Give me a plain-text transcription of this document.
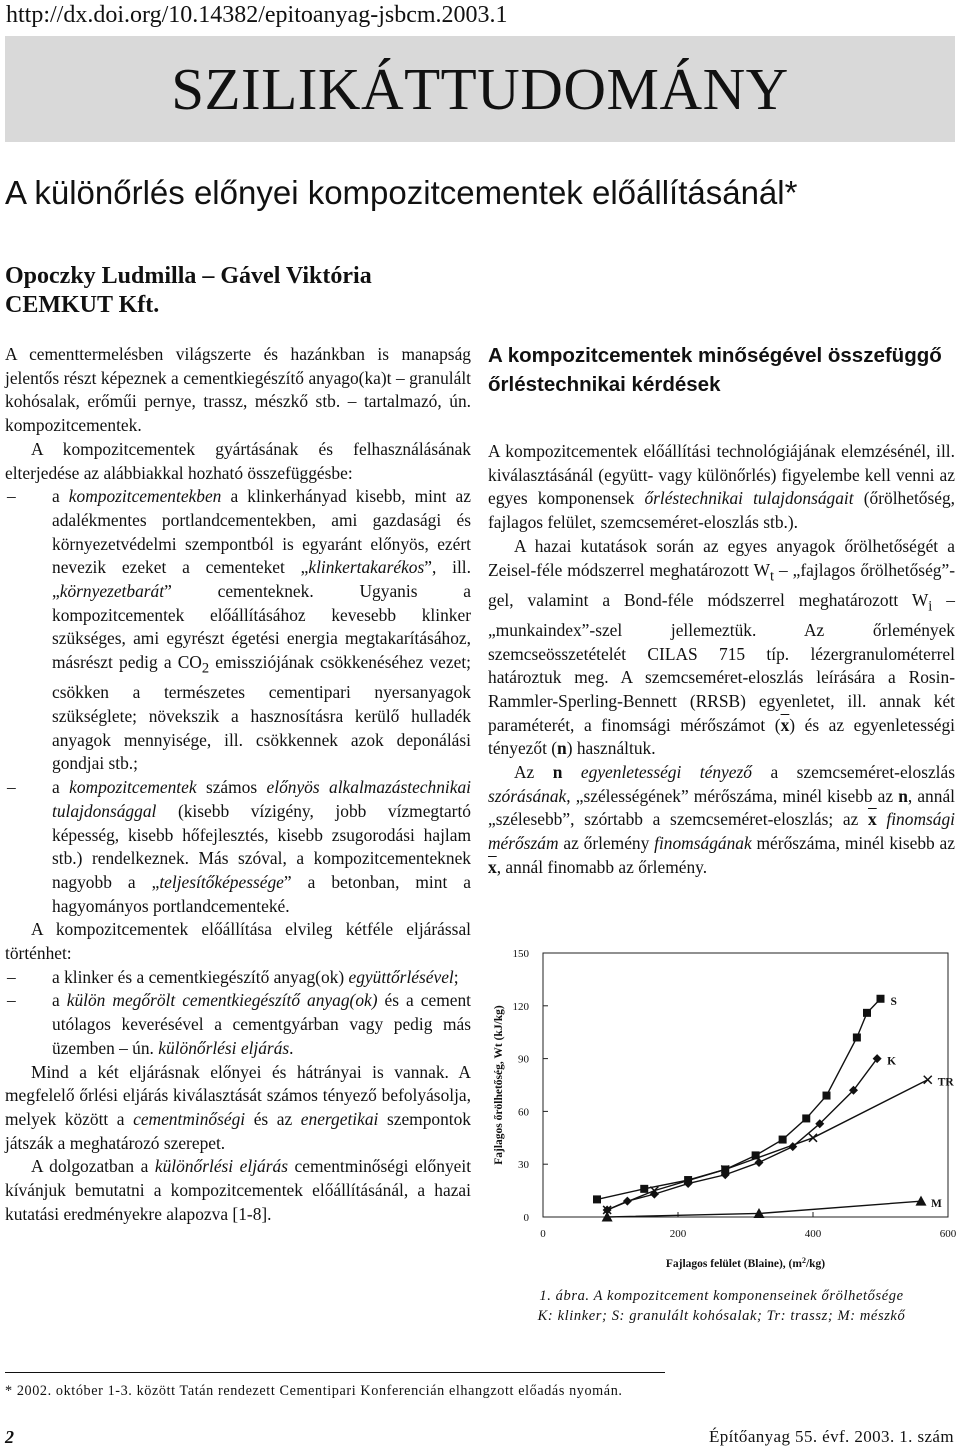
http://dx.doi.org/10.14382/epitoanyag-jsbcm.2003.1
SZILIKÁTTUDOMÁNY
A különőrlés előnyei kompozitcementek előállításánál*
Opoczky Ludmilla – Gável Viktória
CEMKUT Kft.

A cementtermelésben világszerte és hazánkban is manapság jelentős részt képeznek a cementkiegészítő anyago(ka)t – granulált kohósalak, erőműi pernye, trassz, mészkő stb. – tartalmazó, ún. kompozitcementek.

A kompozitcementek gyártásának és felhasználásának elterjedése az alábbiakkal hozható összefüggésbe:

– a kompozitcementekben a klinkerhányad kisebb, mint az adalékmentes portlandcementekben, ami gazdasági és környezetvédelmi szempontból is egyaránt előnyös, ezért nevezik ezeket a cementeket „klinkertakarékos”, ill. „környezetbarát” cementeknek. Ugyanis a kompozitcementek előállításához kevesebb klinker szükséges, ami egyrészt égetési energia megtakarításához, másrészt pedig a $CO_2$ emissziójának csökkenéséhez vezet; csökken a természetes cementipari nyersanyagok szükséglete; növekszik a hasznosításra kerülő hulladék anyagok mennyisége, ill. csökkennek azok deponálási gondjai stb.;

– a kompozitcementek számos előnyös alkalmazástechnikai tulajdonsággal (kisebb vízigény, jobb vízmegtartó képesség, kisebb hőfejlesztés, kisebb zsugorodási hajlam stb.) rendelkeznek. Más szóval, a kompozitcementeknek nagyobb a „teljesítőképessége” a betonban, mint a hagyományos portlandcementeké.

A kompozitcementek előállítása elvileg kétféle eljárással történhet:

– a klinker és a cementkiegészítő anyag(ok) együttőrlésével;

– a külön megőrölt cementkiegészítő anyag(ok) és a cement utólagos keverésével a cementgyárban vagy pedig más üzemben – ún. különőrlési eljárás.

Mind a két eljárásnak előnyei és hátrányai is vannak. A megfelelő őrlési eljárás kiválasztását számos tényező befolyásolja, melyek között a cementminőségi és az energetikai szempontok játszák a meghatározó szerepet.

A dolgozatban a különőrlési eljárás cementminőségi előnyeit kívánjuk bemutatni a kompozitcementek előállításánál, a hazai kutatási eredményekre alapozva [1-8].

A kompozitcementek minőségével összefüggő
őrléstechnikai kérdések

A kompozitcementek előállítási technológiájának elemzésénél, ill. kiválasztásánál (együtt- vagy különőrlés) figyelembe kell venni az egyes komponensek őrléstechnikai tulajdonságait (őrölhetőség, fajlagos felület, szemcseméret-eloszlás stb.).

A hazai kutatások során az egyes anyagok őrölhetőségét a Zeisel-féle módszerrel meghatározott $W_t$ – „fajlagos őrölhetőség”-gel, valamint a Bond-féle módszerrel meghatározott $W_i$ – „munkaindex”-szel jellemeztük. Az őrlemények szemcseösszetételét CILAS 715 típ. lézergranulométerrel határoztuk meg. A szemcseméret-eloszlás leírására a Rosin-Rammler-Sperling-Bennett (RRSB) egyenletet, ill. annak két paraméterét, a finomsági mérőszámot $(\overline{x})$ és az egyenletességi tényezőt (n) használtuk.

Az n egyenletességi tényező a szemcseméret-eloszlás szórásának, „szélességének” mérőszáma, minél kisebb az n, annál „szélesebb”, szórtabb a szemcseméret-eloszlás; az $\overline{x}$ finomsági mérőszám az őrlemény finomságának mérőszáma, minél kisebb az $\overline{x}$, annál finomabb az őrlemény.

0
30
60
90
120
150
0	200	400	600
Fajlagos felület (Blaine), $(m^2/kg)$
Fajlagos őrölhetőség, Wt (kJ/kg)
S
K
TR
M
1. ábra. A kompozitcement komponenseinek őrölhetősége
K: klinker; S: granulált kohósalak; Tr: trassz; M: mészkő
* 2002. október 1-3. között Tatán rendezett Cementipari Konferencián elhangzott előadás nyomán.
2	Építőanyag 55. évf. 2003. 1. szám
